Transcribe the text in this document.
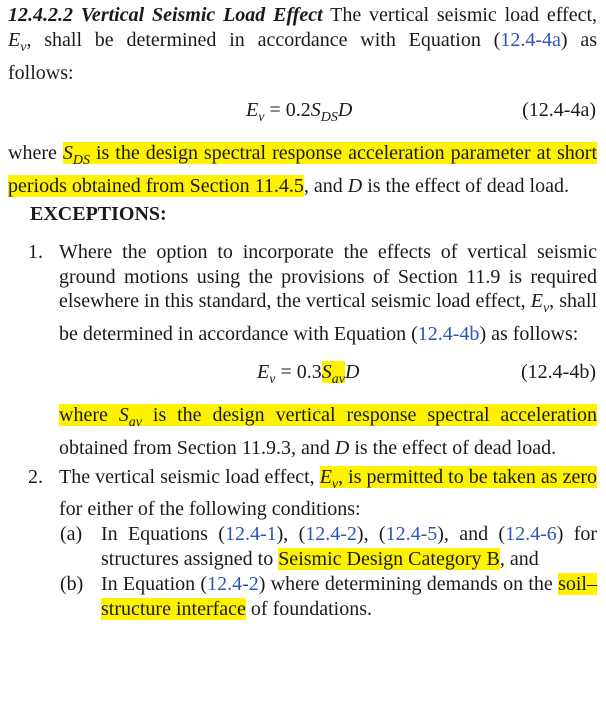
12.4.2.2 Vertical Seismic Load Effect The vertical seismic load effect, $E_v$, shall be determined in accordance with Equation (12.4-4a) as follows:

$E_v = 0.2S_{DS}D$	(12.4-4a)

where $S_{DS}$ is the design spectral response acceleration parameter at short periods obtained from Section 11.4.5, and D is the effect of dead load.

EXCEPTIONS:
1. Where the option to incorporate the effects of vertical seismic ground motions using the provisions of Section 11.9 is required elsewhere in this standard, the vertical seismic load effect, $E_v$, shall be determined in accordance with Equation (12.4-4b) as follows:
$E_v = 0.3S_{av}D$	(12.4-4b)
where $S_{av}$ is the design vertical response spectral acceleration obtained from Section 11.9.3, and D is the effect of dead load.
2. The vertical seismic load effect, $E_v$, is permitted to be taken as zero for either of the following conditions:
(a) In Equations (12.4-1), (12.4-2), (12.4-5), and (12.4-6) for structures assigned to Seismic Design Category B, and
(b) In Equation (12.4-2) where determining demands on the soil–structure interface of foundations.
